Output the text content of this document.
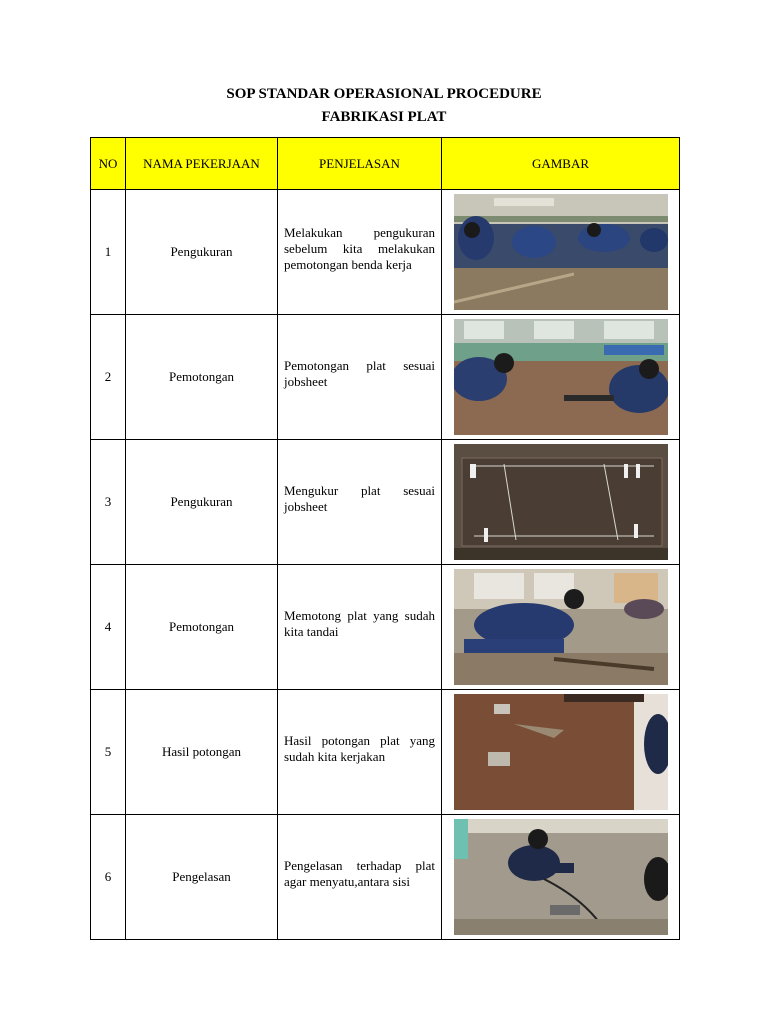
SOP STANDAR OPERASIONAL PROCEDURE
FABRIKASI PLAT
NO	NAMA PEKERJAAN	PENJELASAN	GAMBAR
1	Pengukuran	Melakukan pengukuran sebelum kita melakukan pemotongan benda kerja

2	Pemotongan	Pemotongan plat sesuai jobsheet

3	Pengukuran	Mengukur plat sesuai jobsheet

4	Pemotongan	Memotong plat yang sudah kita tandai

5	Hasil potongan	Hasil potongan plat yang sudah kita kerjakan

6	Pengelasan	Pengelasan terhadap plat agar menyatu,antara sisi
